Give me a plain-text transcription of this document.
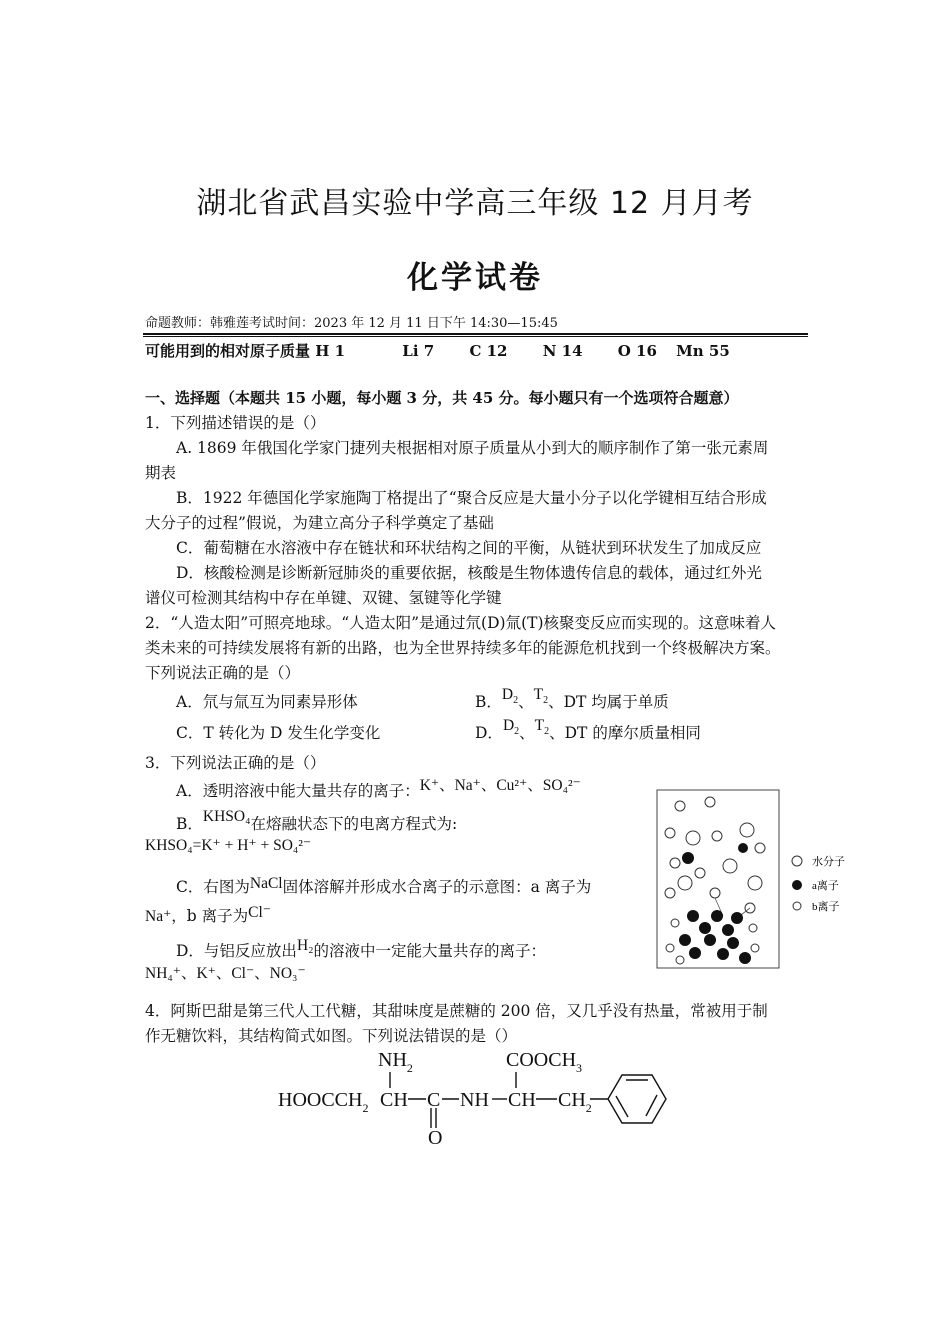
湖北省武昌实验中学高三年级 12 月月考
化学试卷
命题教师：韩雅莲考试时间：2023 年 12 月 11 日下午 14:30—15:45
可能用到的相对原子质量 H 1	Li 7 C 12 N 14 O 16 Mn 55
一、选择题（本题共 15 小题，每小题 3 分，共 45 分。每小题只有一个选项符合题意）
1．下列描述错误的是（）
A. 1869 年俄国化学家门捷列夫根据相对原子质量从小到大的顺序制作了第一张元素周
期表
B．1922 年德国化学家施陶丁格提出了“聚合反应是大量小分子以化学键相互结合形成
大分子的过程”假说，为建立高分子科学奠定了基础
C．葡萄糖在水溶液中存在链状和环状结构之间的平衡，从链状到环状发生了加成反应
D．核酸检测是诊断新冠肺炎的重要依据，核酸是生物体遗传信息的载体，通过红外光
谱仪可检测其结构中存在单键、双键、氢键等化学键
2．“人造太阳”可照亮地球。“人造太阳”是通过氘(D)氚(T)核聚变反应而实现的。这意味着人
类未来的可持续发展将有新的出路，也为全世界持续多年的能源危机找到一个终极解决方案。
下列说法正确的是（）
A．氘与氚互为同素异形体	B．$D_2$、$T_2$、DT 均属于单质
C．T 转化为 D 发生化学变化	D．$D_2$、$T_2$、DT 的摩尔质量相同
3．下列说法正确的是（）
A．透明溶液中能大量共存的离子：K⁺、Na⁺、Cu²⁺、SO₄²⁻
B．KHSO₄在熔融状态下的电离方程式为:
KHSO₄=K⁺ + H⁺ + SO₄²⁻
C．右图为NaCl固体溶解并形成水合离子的示意图：a 离子为
Na⁺，b 离子为Cl⁻
D．与铝反应放出H₂的溶液中一定能大量共存的离子：
NH₄⁺、K⁺、Cl⁻、NO₃⁻
水分子
a离子
b离子
4．阿斯巴甜是第三代人工代糖，其甜味度是蔗糖的 200 倍，又几乎没有热量，常被用于制
作无糖饮料，其结构简式如图。下列说法错误的是（）
$NH_2$	$COOCH_3$
$HOOCCH_2$ CH C NH CH $CH_2$
O
